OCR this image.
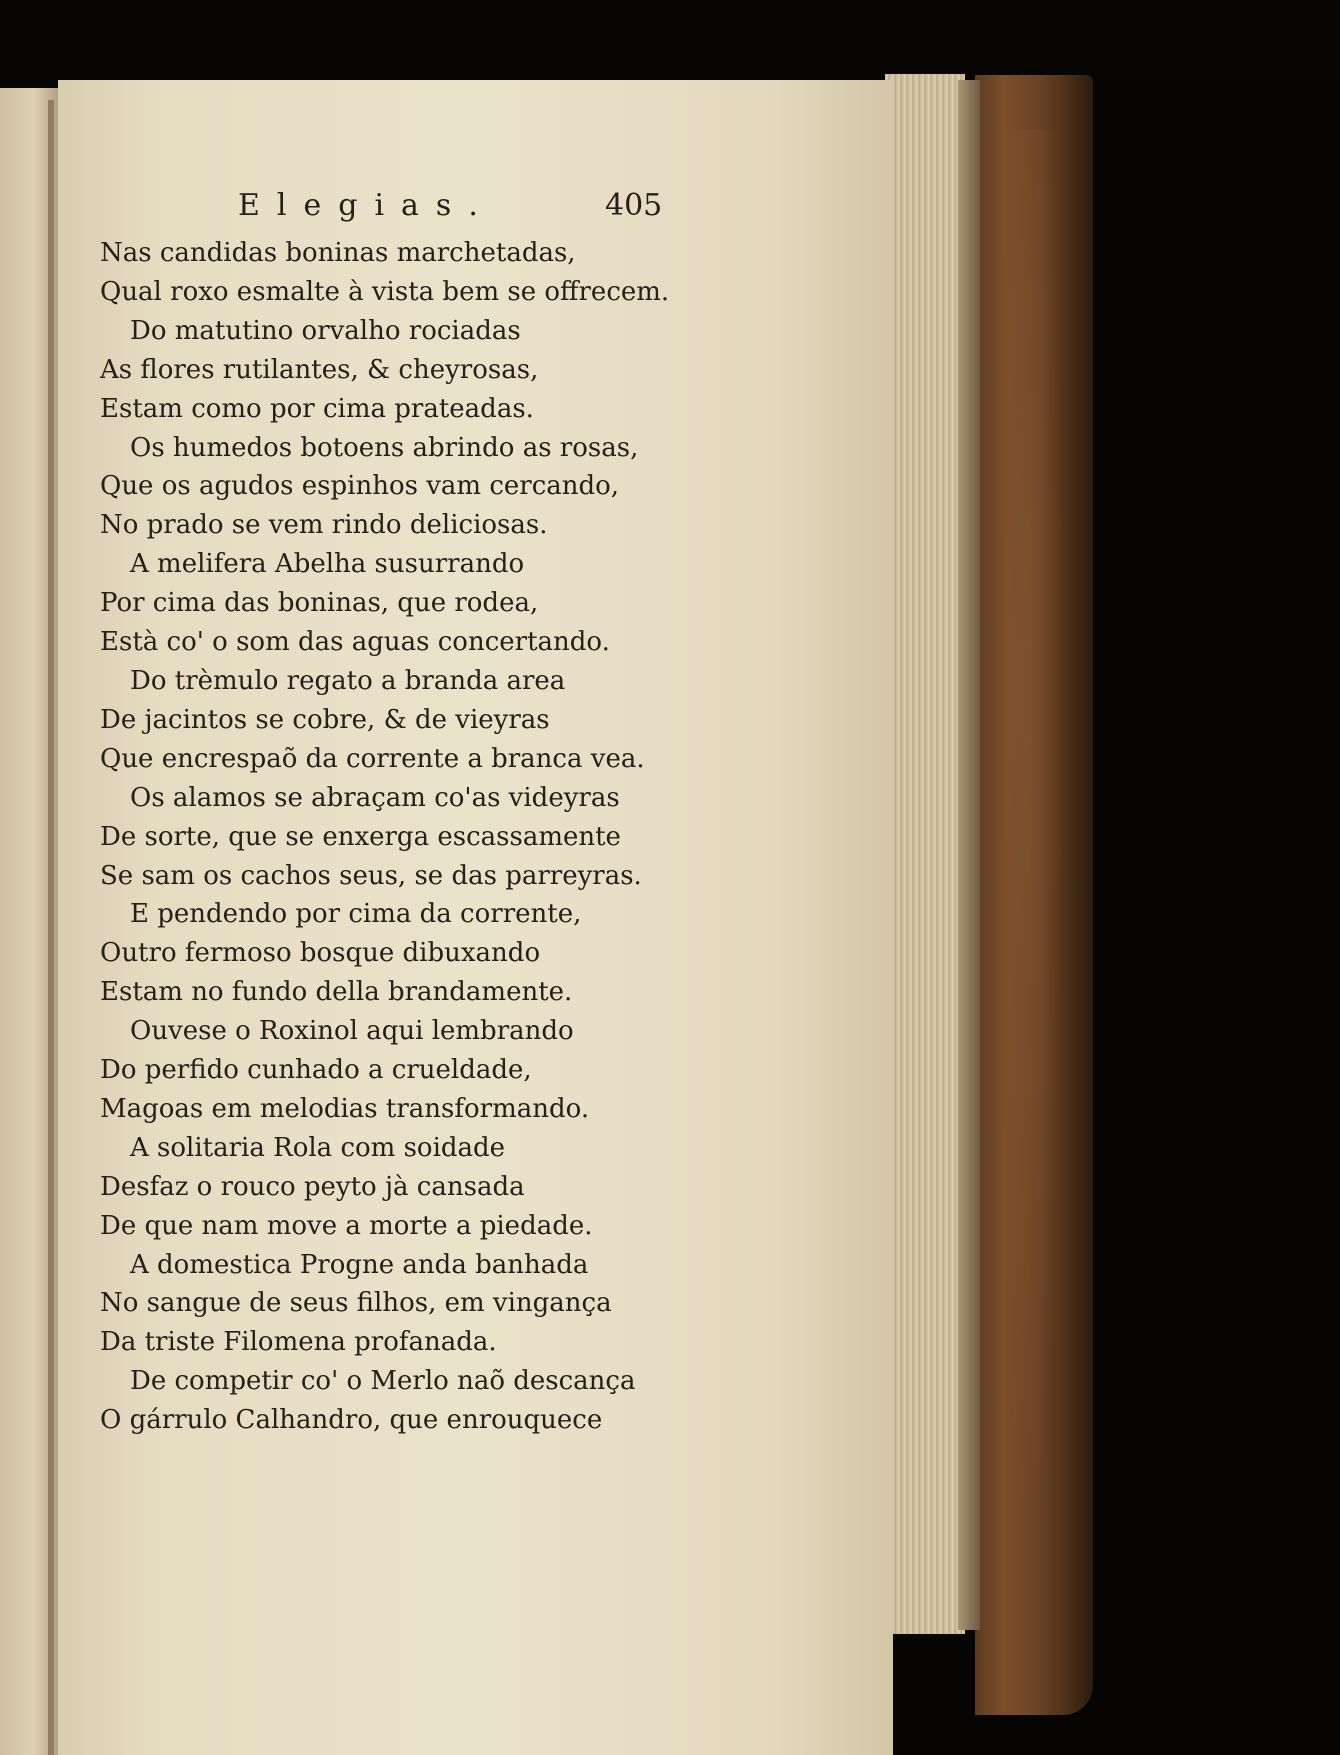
Elegias.	405
Nas candidas boninas marchetadas,
Qual roxo esmalte à vista bem se offrecem.
Do matutino orvalho rociadas
As flores rutilantes, & cheyrosas,
Estam como por cima prateadas.
Os humedos botoens abrindo as rosas,
Que os agudos espinhos vam cercando,
No prado se vem rindo deliciosas.
A melifera Abelha susurrando
Por cima das boninas, que rodea,
Està co' o som das aguas concertando.
Do trèmulo regato a branda area
De jacintos se cobre, & de vieyras
Que encrespaõ da corrente a branca vea.
Os alamos se abraçam co'as videyras
De sorte, que se enxerga escassamente
Se sam os cachos seus, se das parreyras.
E pendendo por cima da corrente,
Outro fermoso bosque dibuxando
Estam no fundo della brandamente.
Ouvese o Roxinol aqui lembrando
Do perfido cunhado a crueldade,
Magoas em melodias transformando.
A solitaria Rola com soidade
Desfaz o rouco peyto jà cansada
De que nam move a morte a piedade.
A domestica Progne anda banhada
No sangue de seus filhos, em vingança
Da triste Filomena profanada.
De competir co' o Merlo naõ descança
O gárrulo Calhandro, que enrouquece
